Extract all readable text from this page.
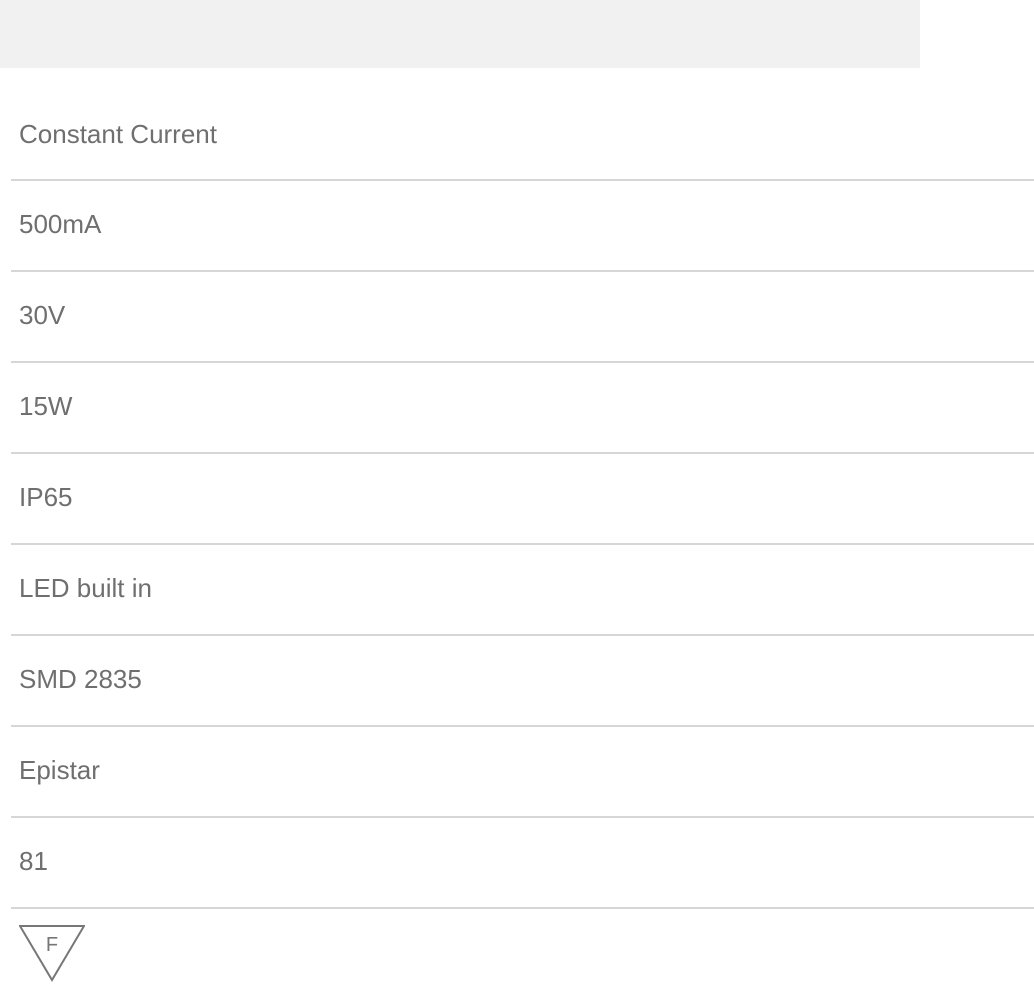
Constant Current
500mA
30V
15W
IP65
LED built in
SMD 2835
Epistar
81
F
